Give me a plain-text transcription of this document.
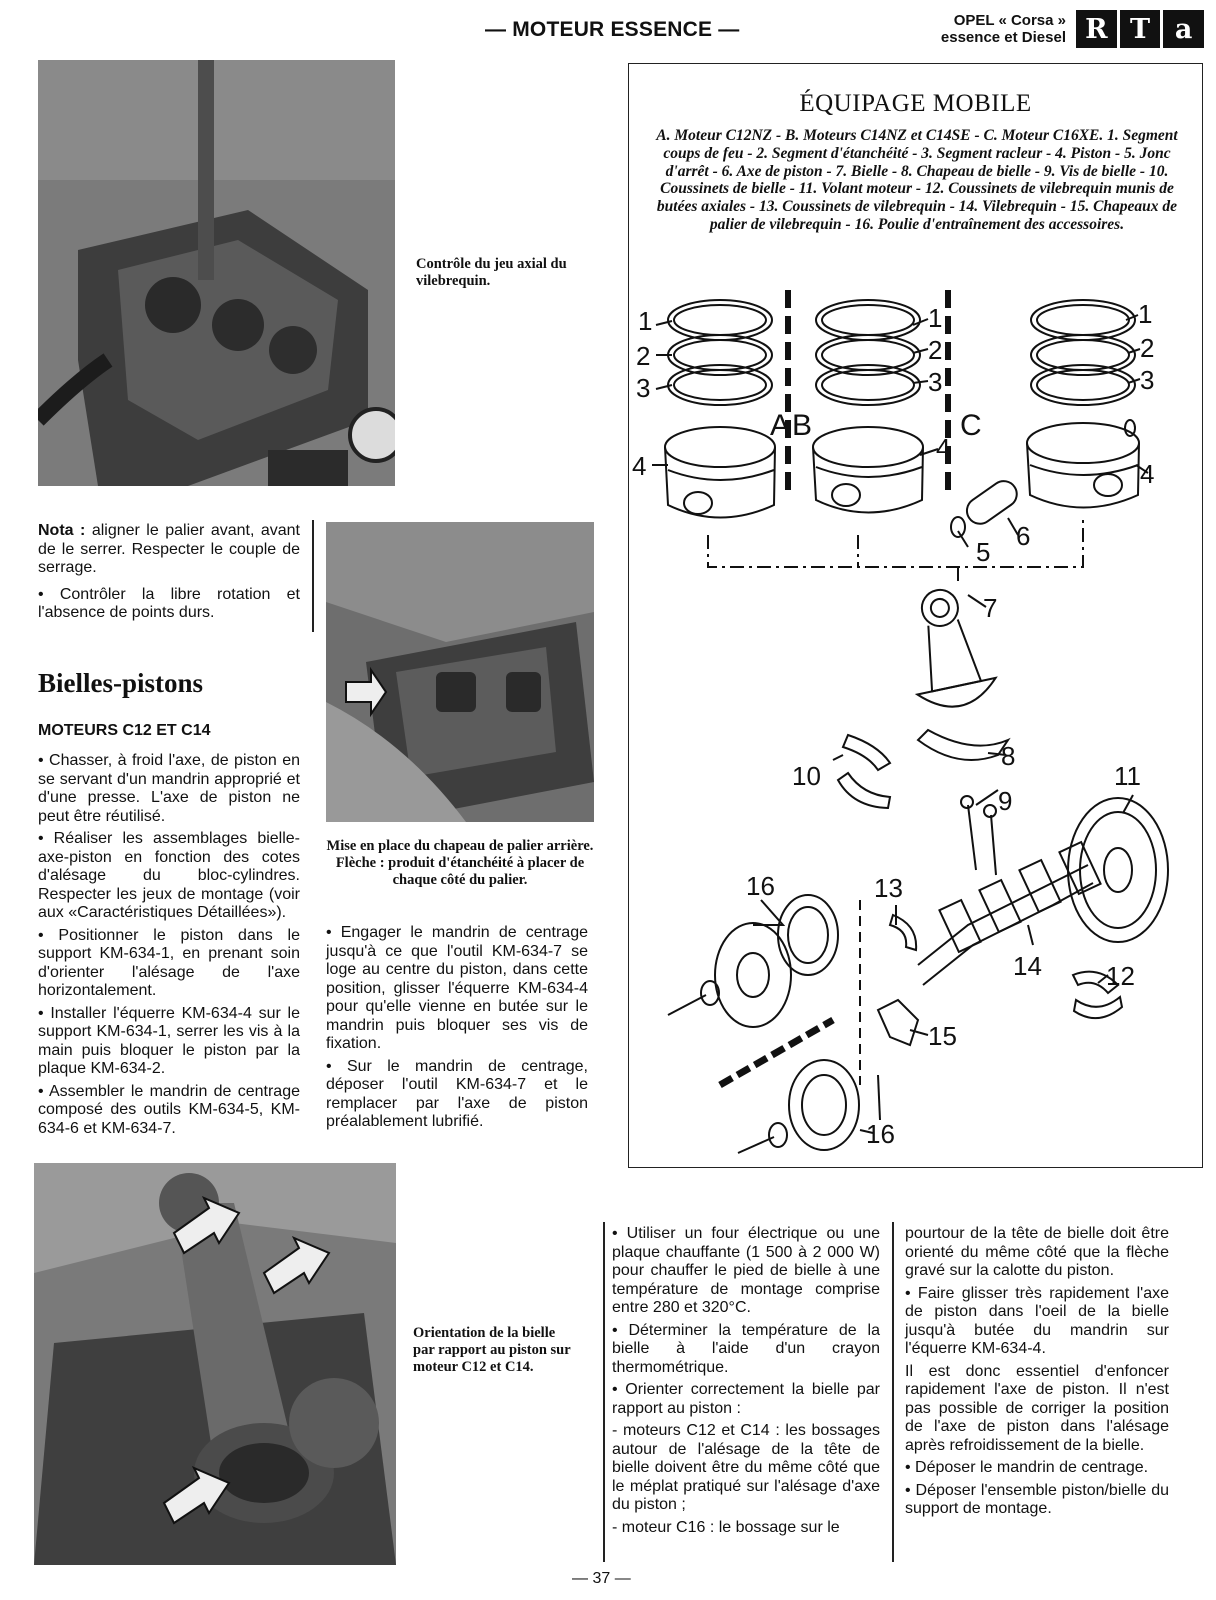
— MOTEUR ESSENCE —	OPEL « Corsa »
essence et Diesel R T a
Contrôle du jeu axial du vilebrequin.

Nota : aligner le palier avant, avant de le serrer. Respecter le couple de serrage.

• Contrôler la libre rotation et l'absence de points durs.

Bielles-pistons
MOTEURS C12 ET C14

• Chasser, à froid l'axe, de piston en se servant d'un mandrin approprié et d'une presse. L'axe de piston ne peut être réutilisé.

• Réaliser les assemblages bielle-axe-piston en fonction des cotes d'alésage du bloc-cylindres. Respecter les jeux de montage (voir aux «Caractéristiques Détaillées»).

• Positionner le piston dans le support KM-634-1, en prenant soin d'orienter l'alésage de l'axe horizontalement.

• Installer l'équerre KM-634-4 sur le support KM-634-1, serrer les vis à la main puis bloquer le piston par la plaque KM-634-2.

• Assembler le mandrin de centrage composé des outils KM-634-5, KM-634-6 et KM-634-7.

Mise en place du chapeau de palier arrière. Flèche : produit d'étanchéité à placer de chaque côté du palier.

• Engager le mandrin de centrage jusqu'à ce que l'outil KM-634-7 se loge au centre du piston, dans cette position, glisser l'équerre KM-634-4 pour qu'elle vienne en butée sur le mandrin puis bloquer ses vis de fixation.

• Sur le mandrin de centrage, déposer l'outil KM-634-7 et le remplacer par l'axe de piston préalablement lubrifié.

ÉQUIPAGE MOBILE
A. Moteur C12NZ - B. Moteurs C14NZ et C14SE - C. Moteur C16XE. 1. Segment coups de feu - 2. Segment d'étanchéité - 3. Segment racleur - 4. Piston - 5. Jonc d'arrêt - 6. Axe de piston - 7. Bielle - 8. Chapeau de bielle - 9. Vis de bielle - 10. Coussinets de bielle - 11. Volant moteur - 12. Coussinets de vilebrequin munis de butées axiales - 13. Coussinets de vilebrequin - 14. Vilebrequin - 15. Chapeaux de palier de vilebrequin - 16. Poulie d'entraînement des accessoires.
A B	C
1
2
3
4
1
2
3
4
1
2
3
4
5
6
7
8
9
10	11
12
13
14
15
16
16
Orientation de la bielle par rapport au piston sur moteur C12 et C14.

• Utiliser un four électrique ou une plaque chauffante (1 500 à 2 000 W) pour chauffer le pied de bielle à une température de montage comprise entre 280 et 320°C.

• Déterminer la température de la bielle à l'aide d'un crayon thermométrique.

• Orienter correctement la bielle par rapport au piston :

- moteurs C12 et C14 : les bossages autour de l'alésage de la tête de bielle doivent être du même côté que le méplat pratiqué sur l'alésage d'axe du piston ;

- moteur C16 : le bossage sur le

pourtour de la tête de bielle doit être orienté du même côté que la flèche gravé sur la calotte du piston.

• Faire glisser très rapidement l'axe de piston dans l'oeil de la bielle jusqu'à butée du mandrin sur l'équerre KM-634-4.

Il est donc essentiel d'enfoncer rapidement l'axe de piston. Il n'est pas possible de corriger la position de l'axe de piston dans l'alésage après refroidissement de la bielle.

• Déposer le mandrin de centrage.

• Déposer l'ensemble piston/bielle du support de montage.

— 37 —
